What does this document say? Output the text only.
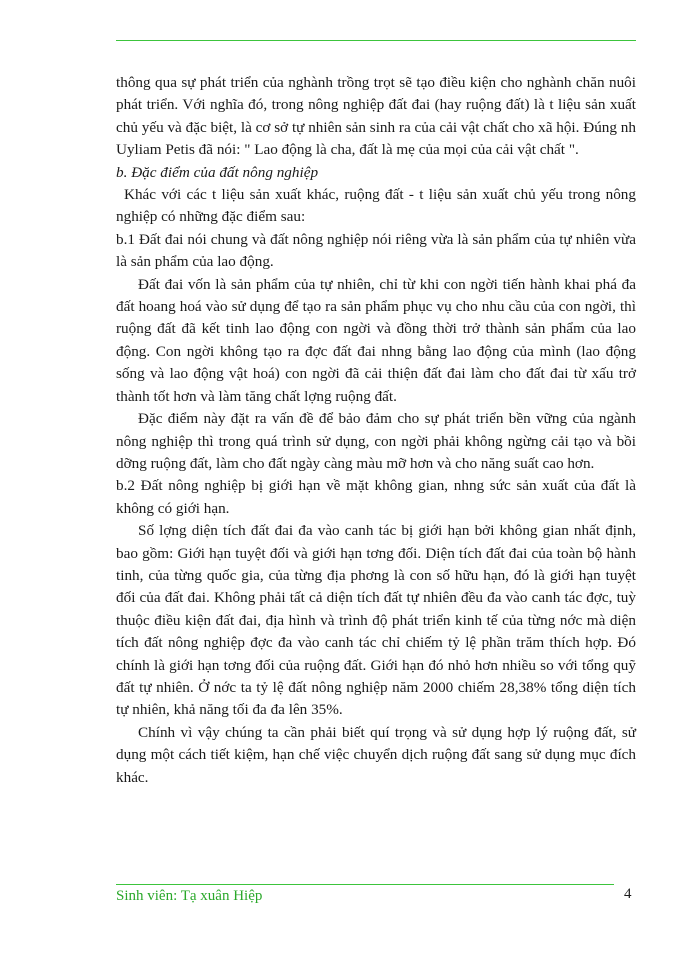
thông qua sự phát triển của nghành trồng trọt sẽ tạo điều kiện cho nghành chăn nuôi phát triển. Với nghĩa đó, trong nông nghiệp đất đai (hay ruộng đất) là t liệu sản xuất chủ yếu và đặc biệt, là cơ sở tự nhiên sản sinh ra của cải vật chất cho xã hội. Đúng nh Uyliam Petis đã nói: " Lao động là cha, đất là mẹ của mọi của cải vật chất ".

b. Đặc điểm của đất nông nghiệp

Khác với các t liệu sản xuất khác, ruộng đất - t liệu sản xuất chủ yếu trong nông nghiệp có những đặc điểm sau:

b.1 Đất đai nói chung và đất nông nghiệp nói riêng vừa là sản phẩm của tự nhiên vừa là sản phẩm của lao động.

Đất đai vốn là sản phẩm của tự nhiên, chỉ từ khi con ngời tiến hành khai phá đa đất hoang hoá vào sử dụng để tạo ra sản phẩm phục vụ cho nhu cầu của con ngời, thì ruộng đất đã kết tinh lao động con ngời và đồng thời trở thành sản phẩm của lao động. Con ngời không tạo ra đợc đất đai nhng bằng lao động của mình (lao động sống và lao động vật hoá) con ngời đã cải thiện đất đai làm cho đất đai từ xấu trở thành tốt hơn và làm tăng chất lợng ruộng đất.

Đặc điểm này đặt ra vấn đề để bảo đảm cho sự phát triển bền vững của ngành nông nghiệp thì trong quá trình sử dụng, con ngời phải không ngừng cải tạo và bồi dỡng ruộng đất, làm cho đất ngày càng màu mỡ hơn và cho năng suất cao hơn.

b.2 Đất nông nghiệp bị giới hạn về mặt không gian, nhng sức sản xuất của đất là không có giới hạn.

Số lợng diện tích đất đai đa vào canh tác bị giới hạn bởi không gian nhất định, bao gồm: Giới hạn tuyệt đối và giới hạn tơng đối. Diện tích đất đai của toàn bộ hành tinh, của từng quốc gia, của từng địa phơng là con số hữu hạn, đó là giới hạn tuyệt đối của đất đai. Không phải tất cả diện tích đất tự nhiên đều đa vào canh tác đợc, tuỳ thuộc điều kiện đất đai, địa hình và trình độ phát triển kinh tế của từng nớc mà diện tích đất nông nghiệp đợc đa vào canh tác chỉ chiếm tỷ lệ phần trăm thích hợp. Đó chính là giới hạn tơng đối của ruộng đất. Giới hạn đó nhỏ hơn nhiều so với tổng quỹ đất tự nhiên. Ở nớc ta tỷ lệ đất nông nghiệp năm 2000 chiếm 28,38% tổng diện tích tự nhiên, khả năng tối đa đa lên 35%.

Chính vì vậy chúng ta cần phải biết quí trọng và sử dụng hợp lý ruộng đất, sử dụng một cách tiết kiệm, hạn chế việc chuyển dịch ruộng đất sang sử dụng mục đích khác.

Sinh viên: Tạ xuân Hiệp	4
